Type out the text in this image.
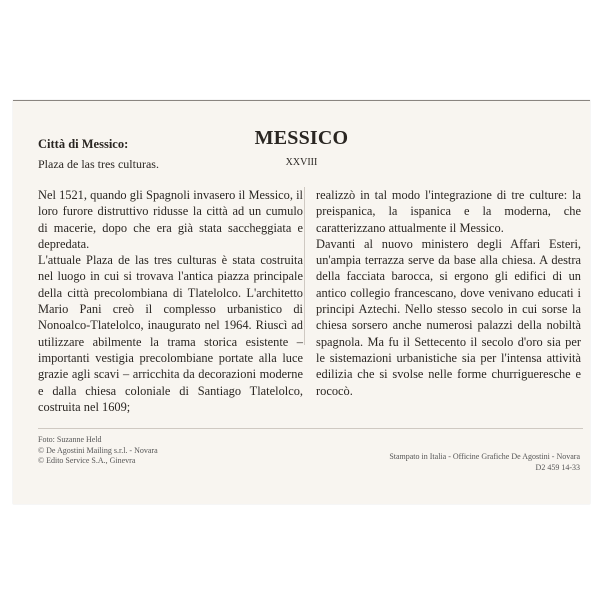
Città di Messico:
Plaza de las tres culturas.
MESSICO
XXVIII

Nel 1521, quando gli Spagnoli invasero il Messico, il loro furore distruttivo ridusse la città ad un cumulo di macerie, dopo che era già stata saccheggiata e depredata.

L'attuale Plaza de las tres culturas è stata costruita nel luogo in cui si trovava l'antica piazza principale della città precolombiana di Tlatelolco. L'architetto Mario Pani creò il complesso urbanistico di Nonoalco-Tlatelolco, inaugurato nel 1964. Riuscì ad utilizzare abilmente la trama storica esistente – importanti vestigia precolombiane portate alla luce grazie agli scavi – arricchita da decorazioni moderne e dalla chiesa coloniale di Santiago Tlatelolco, costruita nel 1609;

realizzò in tal modo l'integrazione di tre culture: la preispanica, la ispanica e la moderna, che caratterizzano attualmente il Messico.

Davanti al nuovo ministero degli Affari Esteri, un'ampia terrazza serve da base alla chiesa. A destra della facciata barocca, si ergono gli edifici di un antico collegio francescano, dove venivano educati i principi Aztechi. Nello stesso secolo in cui sorse la chiesa sorsero anche numerosi palazzi della nobiltà spagnola. Ma fu il Settecento il secolo d'oro sia per le sistemazioni urbanistiche sia per l'intensa attività edilizia che si svolse nelle forme churrigueresche e rococò.

Foto: Suzanne Held
© De Agostini Mailing s.r.l. - Novara
© Edito Service S.A., Ginevra	Stampato in Italia - Officine Grafiche De Agostini - Novara
D2 459 14-33
